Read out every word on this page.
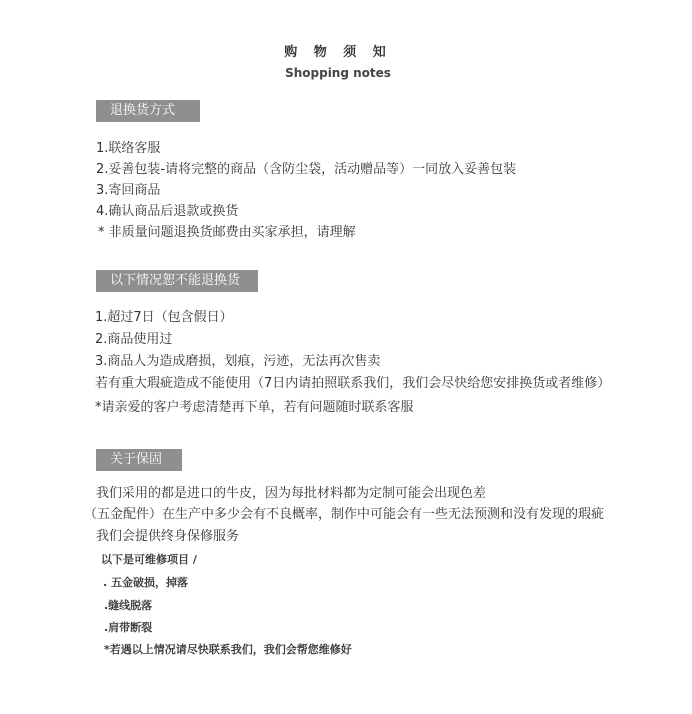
购 物 须 知
Shopping notes
退换货方式
1.联络客服
2.妥善包装-请将完整的商品（含防尘袋，活动赠品等）一同放入妥善包装
3.寄回商品
4.确认商品后退款或换货
* 非质量问题退换货邮费由买家承担，请理解
以下情况恕不能退换货
1.超过7日（包含假日）
2.商品使用过
3.商品人为造成磨损，划痕，污迹，无法再次售卖
若有重大瑕疵造成不能使用（7日内请拍照联系我们，我们会尽快给您安排换货或者维修）
*请亲爱的客户考虑清楚再下单，若有问题随时联系客服
关于保固
我们采用的都是进口的牛皮，因为每批材料都为定制可能会出现色差
（五金配件）在生产中多少会有不良概率，制作中可能会有一些无法预测和没有发现的瑕疵
我们会提供终身保修服务
以下是可维修项目 /
. 五金破损，掉落
.缝线脱落
.肩带断裂
*若遇以上情况请尽快联系我们，我们会帮您维修好
